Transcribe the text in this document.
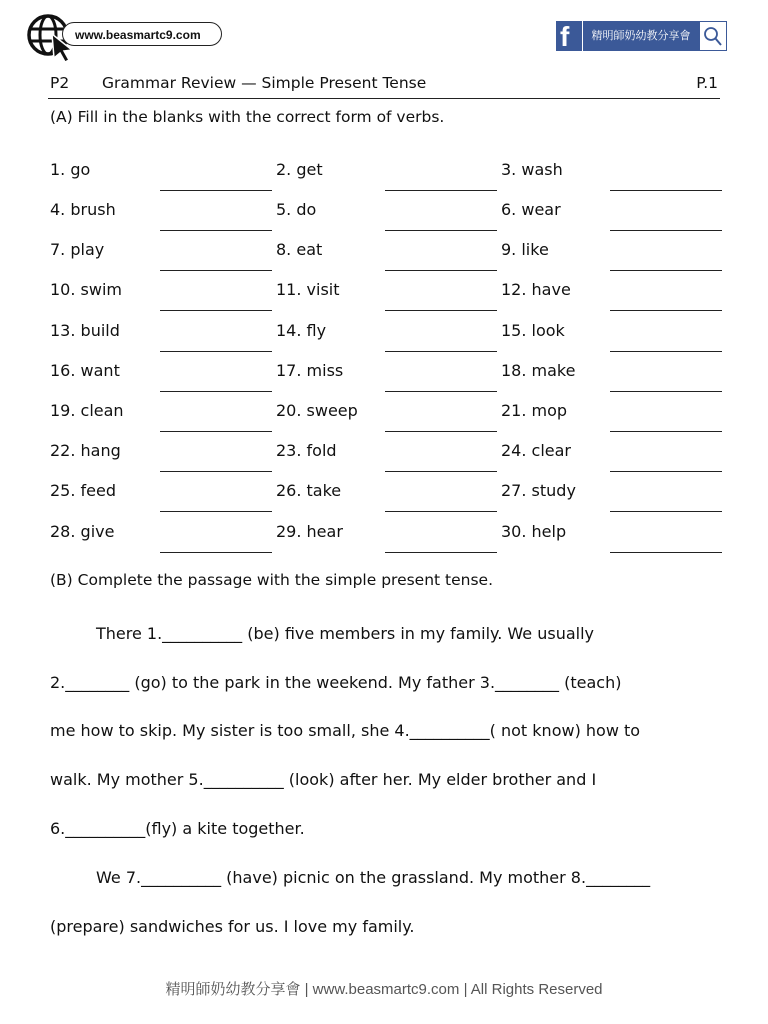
www.beasmartc9.com	f	精明師奶幼教分享會
P2 Grammar Review — Simple Present Tense	P.1
(A) Fill in the blanks with the correct form of verbs.
1. go	2. get	3. wash
4. brush	5. do	6. wear
7. play	8. eat	9. like
10. swim	11. visit	12. have
13. build	14. fly	15. look
16. want	17. miss	18. make
19. clean	20. sweep	21. mop
22. hang	23. fold	24. clear
25. feed	26. take	27. study
28. give	29. hear	30. help
(B) Complete the passage with the simple present tense.
There 1.__________ (be) five members in my family. We usually
2.________ (go) to the park in the weekend. My father 3.________ (teach)
me how to skip. My sister is too small, she 4.__________( not know) how to
walk. My mother 5.__________ (look) after her. My elder brother and I
6.__________(fly) a kite together.
We 7.__________ (have) picnic on the grassland. My mother 8.________
(prepare) sandwiches for us. I love my family.
精明師奶幼教分享會 | www.beasmartc9.com | All Rights Reserved
